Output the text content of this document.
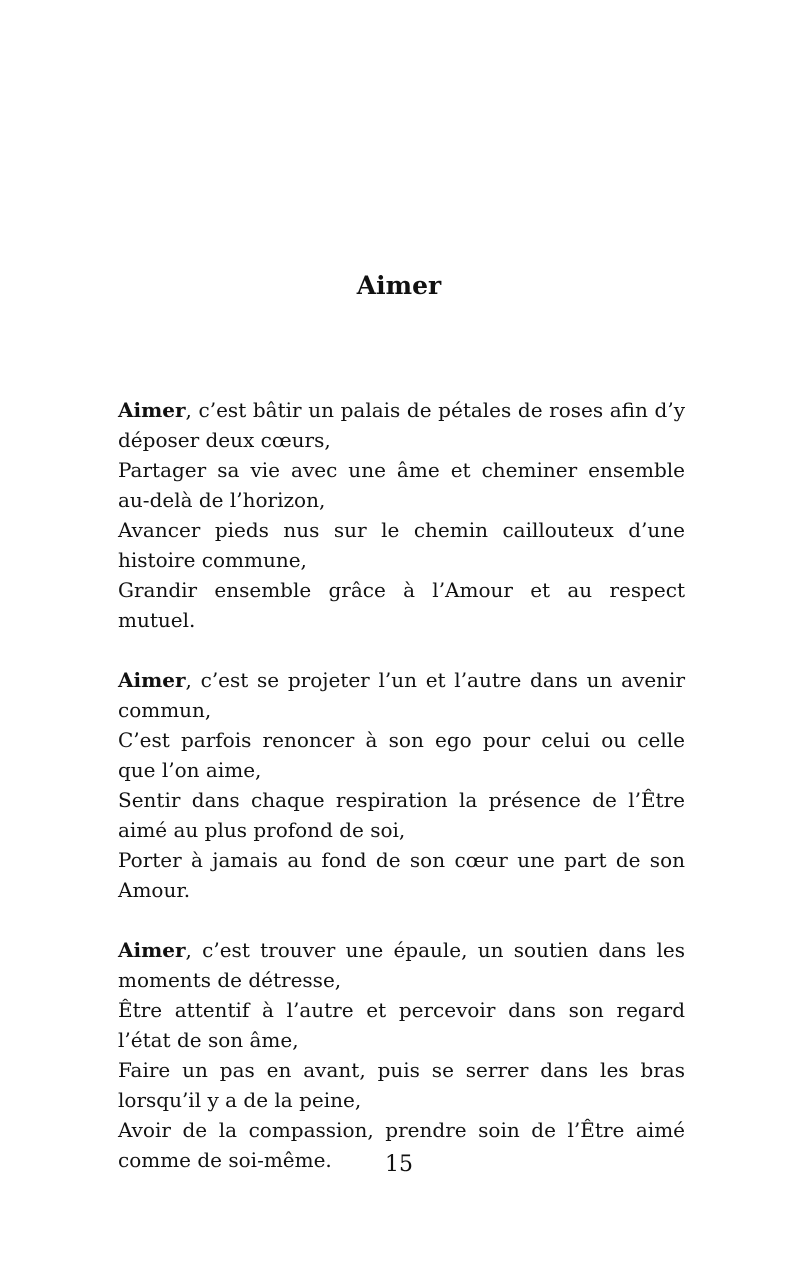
Aimer
Aimer, c’est bâtir un palais de pétales de roses afin d’y déposer deux cœurs,
Partager sa vie avec une âme et cheminer ensemble au-delà de l’horizon,
Avancer pieds nus sur le chemin caillouteux d’une histoire commune,
Grandir ensemble grâce à l’Amour et au respect mutuel.
Aimer, c’est se projeter l’un et l’autre dans un avenir commun,
C’est parfois renoncer à son ego pour celui ou celle que l’on aime,
Sentir dans chaque respiration la présence de l’Être aimé au plus profond de soi,
Porter à jamais au fond de son cœur une part de son Amour.
Aimer, c’est trouver une épaule, un soutien dans les moments de détresse,
Être attentif à l’autre et percevoir dans son regard l’état de son âme,
Faire un pas en avant, puis se serrer dans les bras lorsqu’il y a de la peine,
Avoir de la compassion, prendre soin de l’Être aimé comme de soi-même.	15
